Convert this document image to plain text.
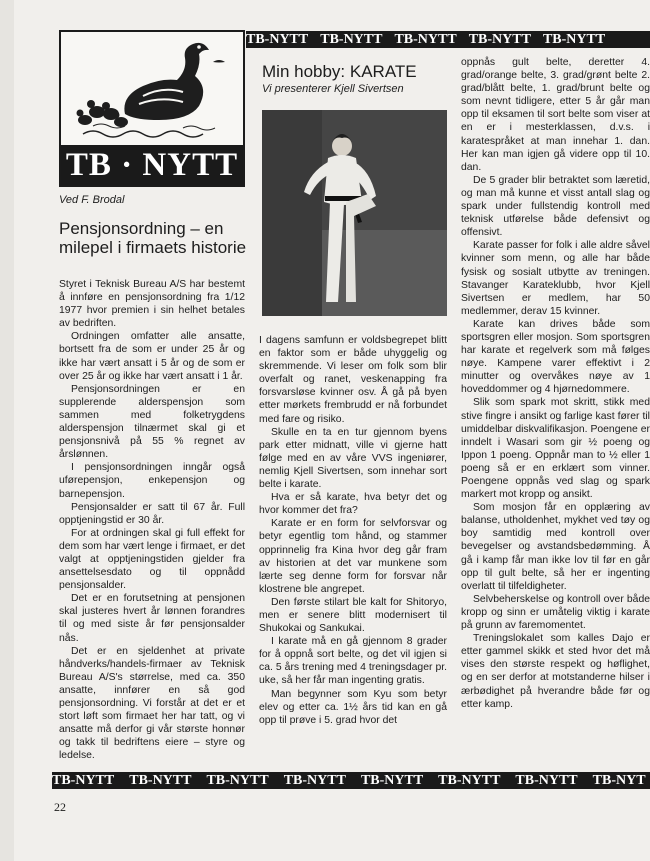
TB · NYTT
TB-NYTT TB-NYTT TB-NYTT TB-NYTT TB-NYTT
Ved F. Brodal
Pensjonsordning – en milepel i firmaets historie

Styret i Teknisk Bureau A/S har bestemt å innføre en pensjonsordning fra 1/12 1977 hvor premien i sin helhet betales av bedriften.

Ordningen omfatter alle ansatte, bortsett fra de som er under 25 år og ikke har vært ansatt i 5 år og de som er over 25 år og ikke har vært ansatt i 1 år.

Pensjonsordningen er en supplerende alderspensjon som sammen med folketrygdens alderspensjon tilnærmet skal gi et pensjonsnivå på 55 % regnet av årslønnen.

I pensjonsordningen inngår også uførepensjon, enkepensjon og barnepensjon.

Pensjonsalder er satt til 67 år. Full opptjeningstid er 30 år.

For at ordningen skal gi full effekt for dem som har vært lenge i firmaet, er det valgt at opptjeningstiden gjelder fra ansettelsesdato og til oppnådd pensjonsalder.

Det er en forutsetning at pensjonen skal justeres hvert år lønnen forandres til og med siste år før pensjonsalder nås.

Det er en sjeldenhet at private håndverks/handels-firmaer av Teknisk Bureau A/S's størrelse, med ca. 350 ansatte, innfører en så god pensjonsordning. Vi forstår at det er et stort løft som firmaet her har tatt, og vi ansatte må derfor gi vår største honnør og takk til bedriftens eiere – styre og ledelse.

Min hobby: KARATE
Vi presenterer Kjell Sivertsen

I dagens samfunn er voldsbegrepet blitt en faktor som er både uhyggelig og skremmende. Vi leser om folk som blir overfalt og ranet, veskenapping fra forsvarsløse kvinner osv. Å gå på byen etter mørkets frembrudd er nå forbundet med fare og risiko.

Skulle en ta en tur gjennom byens park etter midnatt, ville vi gjerne hatt følge med en av våre VVS ingeniører, nemlig Kjell Sivertsen, som innehar sort belte i karate.

Hva er så karate, hva betyr det og hvor kommer det fra?

Karate er en form for selvforsvar og betyr egentlig tom hånd, og stammer opprinnelig fra Kina hvor deg går fram av historien at det var munkene som lærte seg denne form for forsvar når klostrene ble angrepet.

Den første stilart ble kalt for Shitoryo, men er senere blitt modernisert til Shukokai og Sankukai.

I karate må en gå gjennom 8 grader for å oppnå sort belte, og det vil igjen si ca. 5 års trening med 4 treningsdager pr. uke, så her får man ingenting gratis.

Man begynner som Kyu som betyr elev og etter ca. 1½ års tid kan en gå opp til prøve i 5. grad hvor det

oppnås gult belte, deretter 4. grad/orange belte, 3. grad/grønt belte 2. grad/blått belte, 1. grad/brunt belte og som nevnt tidligere, etter 5 år går man opp til eksamen til sort belte som viser at en er i mesterklassen, d.v.s. i karatespråket at man innehar 1. dan. Her kan man igjen gå videre opp til 10. dan.

De 5 grader blir betraktet som læretid, og man må kunne et visst antall slag og spark under fullstendig kontroll med teknisk utførelse både defensivt og offensivt.

Karate passer for folk i alle aldre såvel kvinner som menn, og alle har både fysisk og sosialt utbytte av treningen. Stavanger Karateklubb, hvor Kjell Sivertsen er medlem, har 50 medlemmer, derav 15 kvinner.

Karate kan drives både som sportsgren eller mosjon. Som sportsgren har karate et regelverk som må følges nøye. Kampene varer effektivt i 2 minutter og overvåkes nøye av 1 hoveddommer og 4 hjørnedommere.

Slik som spark mot skritt, stikk med stive fingre i ansikt og farlige kast fører til umiddelbar diskvalifikasjon. Poengene er inndelt i Wasari som gir ½ poeng og Ippon 1 poeng. Oppnår man to ½ eller 1 poeng så er en erklært som vinner. Poengene oppnås ved slag og spark markert mot kropp og ansikt.

Som mosjon får en opplæring av balanse, utholdenhet, mykhet ved tøy og boy samtidig med kontroll over bevegelser og avstandsbedømming. Å gå i kamp får man ikke lov til før en går opp til gult belte, så her er ingenting overlatt til tilfeldigheter.

Selvbeherskelse og kontroll over både kropp og sinn er umåtelig viktig i karate på grunn av faremomentet.

Treningslokalet som kalles Dajo er etter gammel skikk et sted hvor det må vises den største respekt og høflighet, og en ser derfor at motstanderne hilser i ærbødighet på hverandre både før og etter kamp.

TB-NYTT TB-NYTT TB-NYTT TB-NYTT TB-NYTT TB-NYTT TB-NYTT TB-NYT
22
